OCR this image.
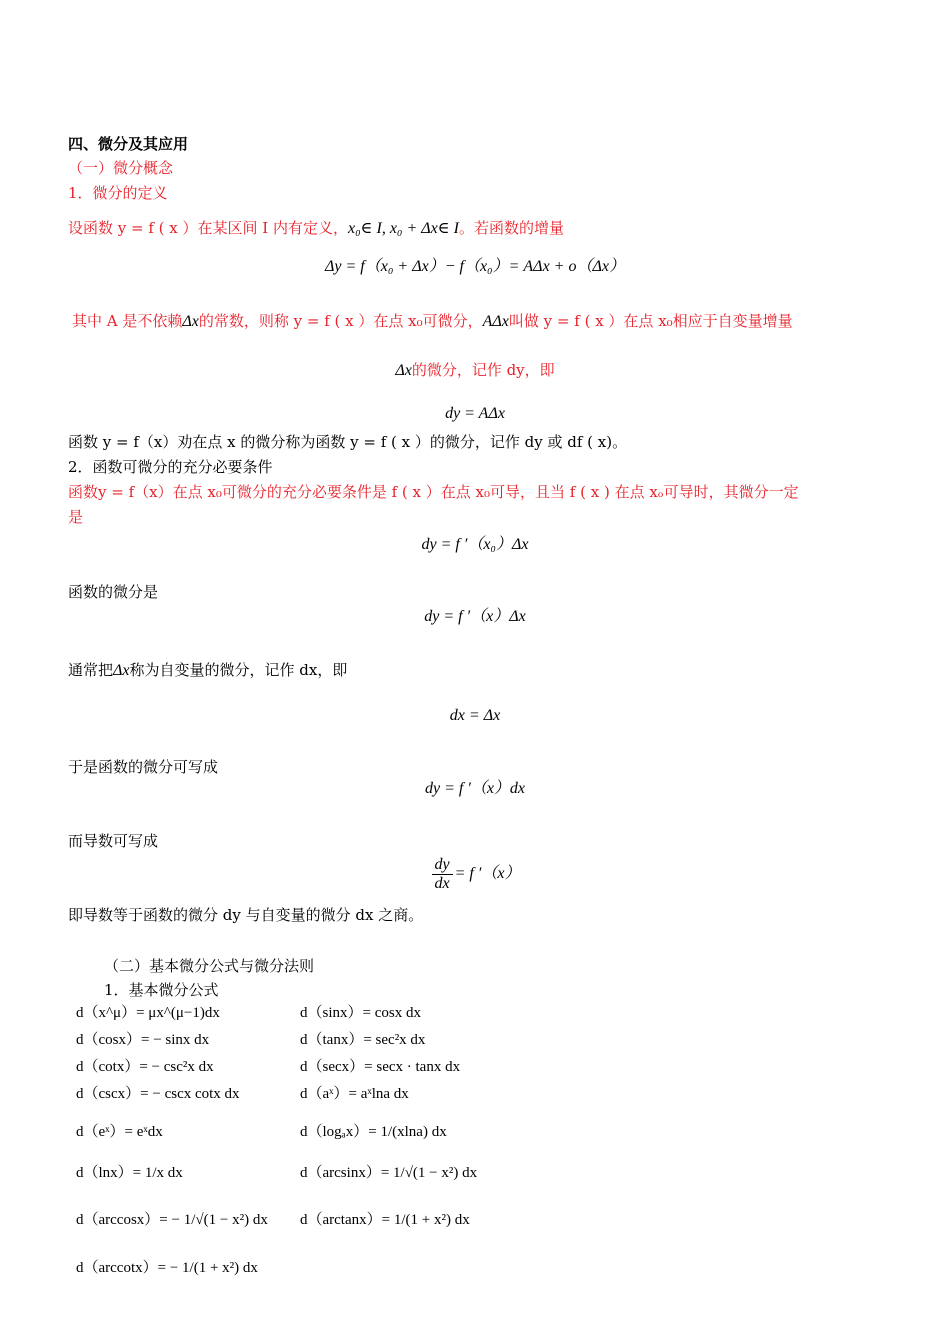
四、微分及其应用
（一）微分概念
1．微分的定义
设函数 y = f ( x ）在某区间 I 内有定义，x₀∈ I, x₀ + Δx∈ I。若函数的增量
Δy = f（x₀ + Δx）− f（x₀）= AΔx + o（Δx）
其中 A 是不依赖Δx的常数，则称 y = f ( x ）在点 x₀可微分，AΔx叫做 y = f ( x ）在点 x₀相应于自变量增量
Δx的微分，记作 dy，即
dy = AΔx
函数 y = f（x）劝在点 x 的微分称为函数 y = f ( x ）的微分，记作 dy 或 df ( x)。
2．函数可微分的充分必要条件
函数y = f（x）在点 x₀可微分的充分必要条件是 f ( x ）在点 x₀可导，且当 f ( x ) 在点 xₒ可导时，其微分一定
是
dy = f ′（x₀）Δx
函数的微分是
dy = f ′（x）Δx
通常把Δx称为自变量的微分，记作 dx，即
dx = Δx
于是函数的微分可写成
dy = f ′（x）dx
而导数可写成
$\frac{dy}{dx} = f$ ′（x）
即导数等于函数的微分 dy 与自变量的微分 dx 之商。
（二）基本微分公式与微分法则
1．基本微分公式
d（x^μ）= μx^(μ−1)dx	d（sinx）= cosx dx
d（cosx）= − sinx dx	d（tanx）= sec²x dx
d（cotx）= − csc²x dx	d（secx）= secx · tanx dx
d（cscx）= − cscx cotx dx	d（aˣ）= aˣlna dx
d（eˣ）= eˣdx	d（logₐx）= 1/(xlna) dx
d（lnx）= 1/x dx	d（arcsinx）= 1/√(1 − x²) dx
d（arccosx）= − 1/√(1 − x²) dx d（arctanx）= 1/(1 + x²) dx
d（arccotx）= − 1/(1 + x²) dx
